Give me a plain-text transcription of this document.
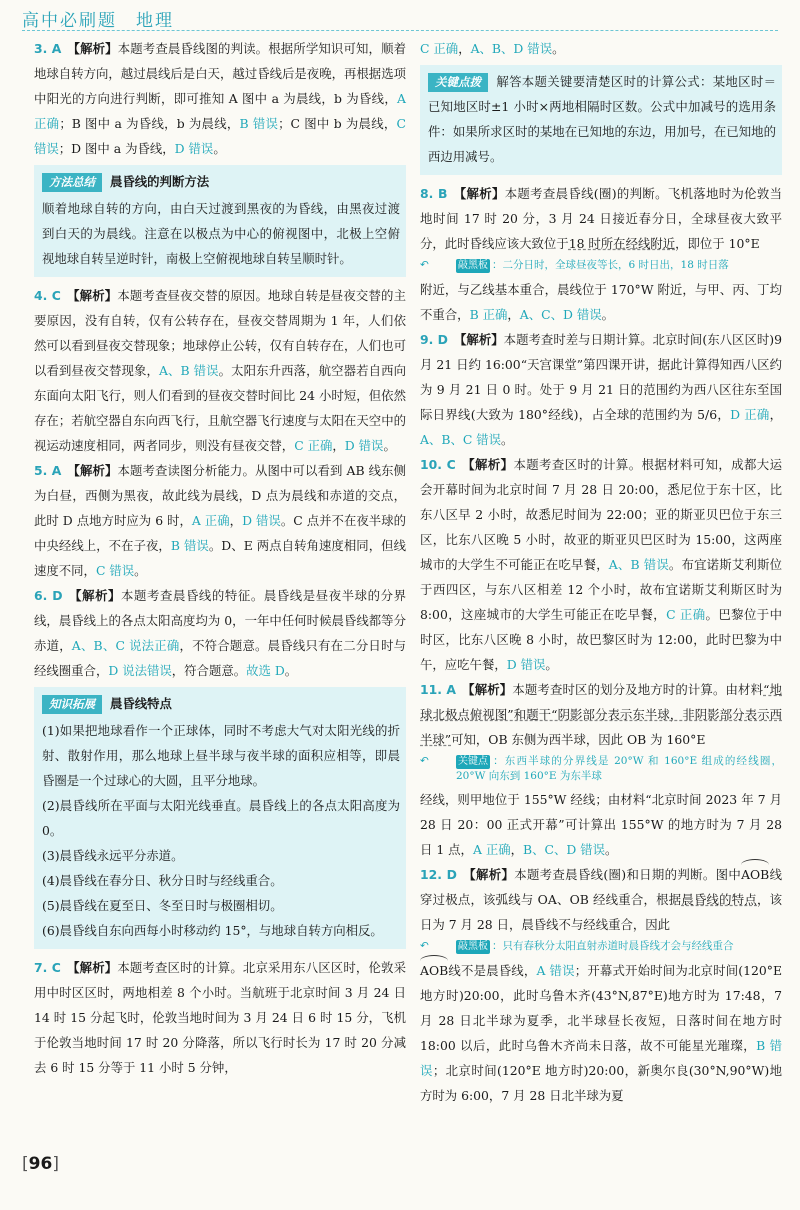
高中必刷题　地理

3. A 【解析】本题考查晨昏线图的判读。根据所学知识可知，顺着地球自转方向，越过晨线后是白天，越过昏线后是夜晚，再根据选项中阳光的方向进行判断，即可推知 A 图中 a 为晨线，b 为昏线，A 正确；B 图中 a 为昏线，b 为晨线，B 错误；C 图中 b 为晨线，C 错误；D 图中 a 为昏线，D 错误。

方法总结 晨昏线的判断方法

顺着地球自转的方向，由白天过渡到黑夜的为昏线，由黑夜过渡到白天的为晨线。注意在以极点为中心的俯视图中，北极上空俯视地球自转呈逆时针，南极上空俯视地球自转呈顺时针。

4. C 【解析】本题考查昼夜交替的原因。地球自转是昼夜交替的主要原因，没有自转，仅有公转存在，昼夜交替周期为 1 年，人们依然可以看到昼夜交替现象；地球停止公转，仅有自转存在，人们也可以看到昼夜交替现象，A、B 错误。太阳东升西落，航空器若自西向东面向太阳飞行，则人们看到的昼夜交替时间比 24 小时短，但依然存在；若航空器自东向西飞行，且航空器飞行速度与太阳在天空中的视运动速度相同，两者同步，则没有昼夜交替，C 正确，D 错误。

5. A 【解析】本题考查读图分析能力。从图中可以看到 AB 线东侧为白昼，西侧为黑夜，故此线为晨线，D 点为晨线和赤道的交点，此时 D 点地方时应为 6 时，A 正确，D 错误。C 点并不在夜半球的中央经线上，不在子夜，B 错误。D、E 两点自转角速度相同，但线速度不同，C 错误。

6. D 【解析】本题考查晨昏线的特征。晨昏线是昼夜半球的分界线，晨昏线上的各点太阳高度均为 0，一年中任何时候晨昏线都等分赤道，A、B、C 说法正确，不符合题意。晨昏线只有在二分日时与经线圈重合，D 说法错误，符合题意。故选 D。

知识拓展 晨昏线特点

(1)如果把地球看作一个正球体，同时不考虑大气对太阳光线的折射、散射作用，那么地球上昼半球与夜半球的面积应相等，即晨昏圈是一个过球心的大圆，且平分地球。

(2)晨昏线所在平面与太阳光线垂直。晨昏线上的各点太阳高度为 0。

(3)晨昏线永远平分赤道。

(4)晨昏线在春分日、秋分日时与经线重合。

(5)晨昏线在夏至日、冬至日时与极圈相切。

(6)晨昏线自东向西每小时移动约 15°，与地球自转方向相反。

7. C 【解析】本题考查区时的计算。北京采用东八区区时，伦敦采用中时区区时，两地相差 8 个小时。当航班于北京时间 3 月 24 日 14 时 15 分起飞时，伦敦当地时间为 3 月 24 日 6 时 15 分，飞机于伦敦当地时间 17 时 20 分降落，所以飞行时长为 17 时 20 分减去 6 时 15 分等于 11 小时 5 分钟，

C 正确，A、B、D 错误。

关键点拨 解答本题关键要清楚区时的计算公式：某地区时＝已知地区时±1 小时×两地相隔时区数。公式中加减号的选用条件：如果所求区时的某地在已知地的东边，用加号，在已知地的西边用减号。

8. B 【解析】本题考查晨昏线(圈)的判断。飞机落地时为伦敦当地时间 17 时 20 分，3 月 24 日接近春分日，全球昼夜大致平分，此时昏线应该大致位于18 时所在经线附近，即位于 10°E

↶	敲黑板 ：二分日时，全球昼夜等长，6 时日出，18 时日落

附近，与乙线基本重合，晨线位于 170°W 附近，与甲、丙、丁均不重合，B 正确，A、C、D 错误。

9. D 【解析】本题考查时差与日期计算。北京时间(东八区区时)9 月 21 日约 16:00“天宫课堂”第四课开讲，据此计算得知西八区约为 9 月 21 日 0 时。处于 9 月 21 日的范围约为西八区往东至国际日界线(大致为 180°经线)，占全球的范围约为 5/6，D 正确，A、B、C 错误。

10. C 【解析】本题考查区时的计算。根据材料可知，成都大运会开幕时间为北京时间 7 月 28 日 20:00，悉尼位于东十区，比东八区早 2 小时，故悉尼时间为 22:00；亚的斯亚贝巴位于东三区，比东八区晚 5 小时，故亚的斯亚贝巴区时为 15:00，这两座城市的大学生不可能正在吃早餐，A、B 错误。布宜诺斯艾利斯位于西四区，与东八区相差 12 个小时，故布宜诺斯艾利斯区时为 8:00，这座城市的大学生可能正在吃早餐，C 正确。巴黎位于中时区，比东八区晚 8 小时，故巴黎区时为 12:00，此时巴黎为中午，应吃午餐，D 错误。

11. A 【解析】本题考查时区的划分及地方时的计算。由材料“地球北极点俯视图”和题干“阴影部分表示东半球，非阴影部分表示西半球”可知，OB 东侧为西半球，因此 OB 为 160°E

↶	关键点 ：东西半球的分界线是 20°W 和 160°E 组成的经线圈，20°W 向东到 160°E 为东半球

经线，则甲地位于 155°W 经线；由材料“北京时间 2023 年 7 月 28 日 20：00 正式开幕”可计算出 155°W 的地方时为 7 月 28 日 1 点，A 正确，B、C、D 错误。

12. D 【解析】本题考查晨昏线(圈)和日期的判断。图中AOB线穿过极点，该弧线与 OA、OB 经线重合，根据晨昏线的特点，该日为 7 月 28 日，晨昏线不与经线重合，因此

↶	敲黑板 ：只有春秋分太阳直射赤道时晨昏线才会与经线重合

AOB线不是晨昏线，A 错误；开幕式开始时间为北京时间(120°E 地方时)20:00，此时乌鲁木齐(43°N,87°E)地方时为 17:48，7 月 28 日北半球为夏季，北半球昼长夜短，日落时间在地方时 18:00 以后，此时乌鲁木齐尚未日落，故不可能星光璀璨，B 错误；北京时间(120°E 地方时)20:00，新奥尔良(30°N,90°W)地方时为 6:00，7 月 28 日北半球为夏

[96]
